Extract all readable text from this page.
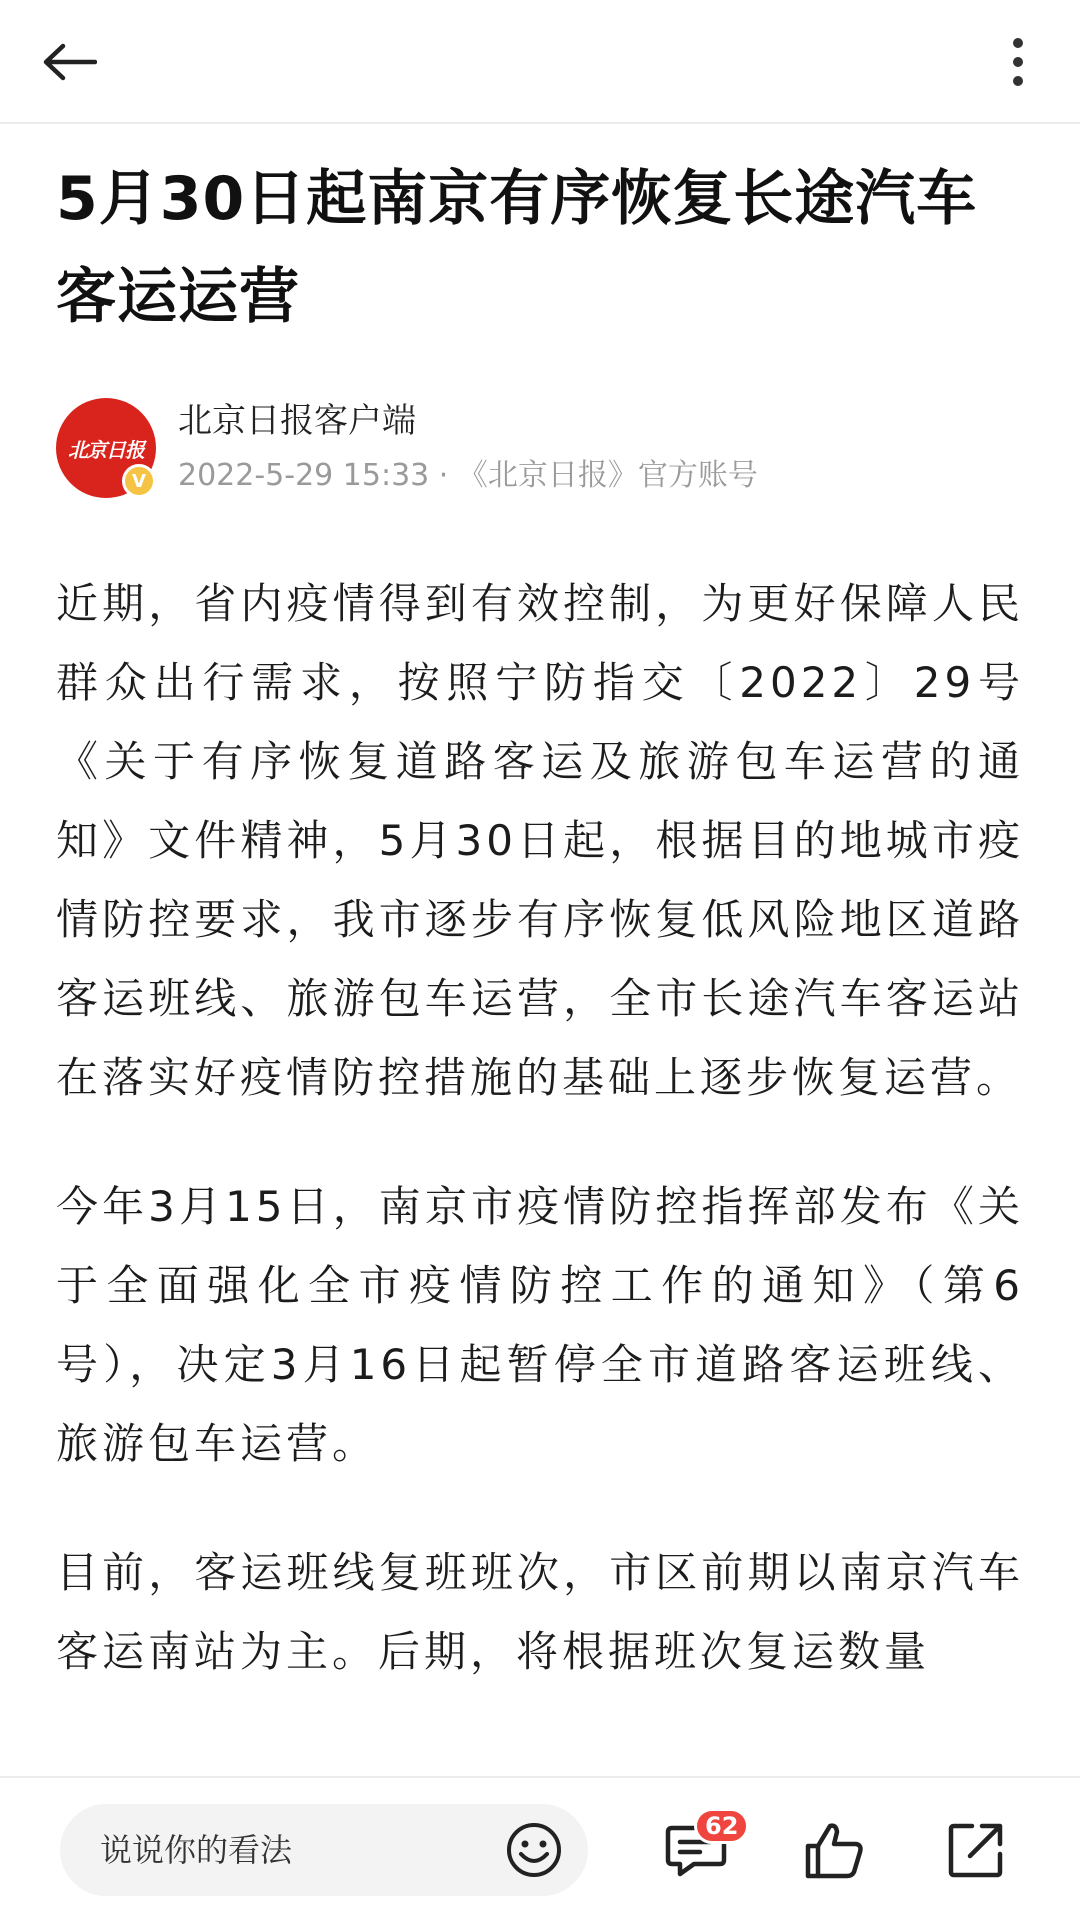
5月30日起南京有序恢复长途汽车客运运营
北京日报
V
北京日报客户端
2022-5-29 15:33 · 《北京日报》官方账号

近期，省内疫情得到有效控制，为更好保障人民群众出行需求，按照宁防指交〔2022〕29号《关于有序恢复道路客运及旅游包车运营的通知》文件精神，5月30日起，根据目的地城市疫情防控要求，我市逐步有序恢复低风险地区道路客运班线、旅游包车运营，全市长途汽车客运站在落实好疫情防控措施的基础上逐步恢复运营。

今年3月15日，南京市疫情防控指挥部发布《关于全面强化全市疫情防控工作的通知》（第6号），决定3月16日起暂停全市道路客运班线、旅游包车运营。

目前，客运班线复班班次，市区前期以南京汽车客运南站为主。后期，将根据班次复运数量

说说你的看法
62
